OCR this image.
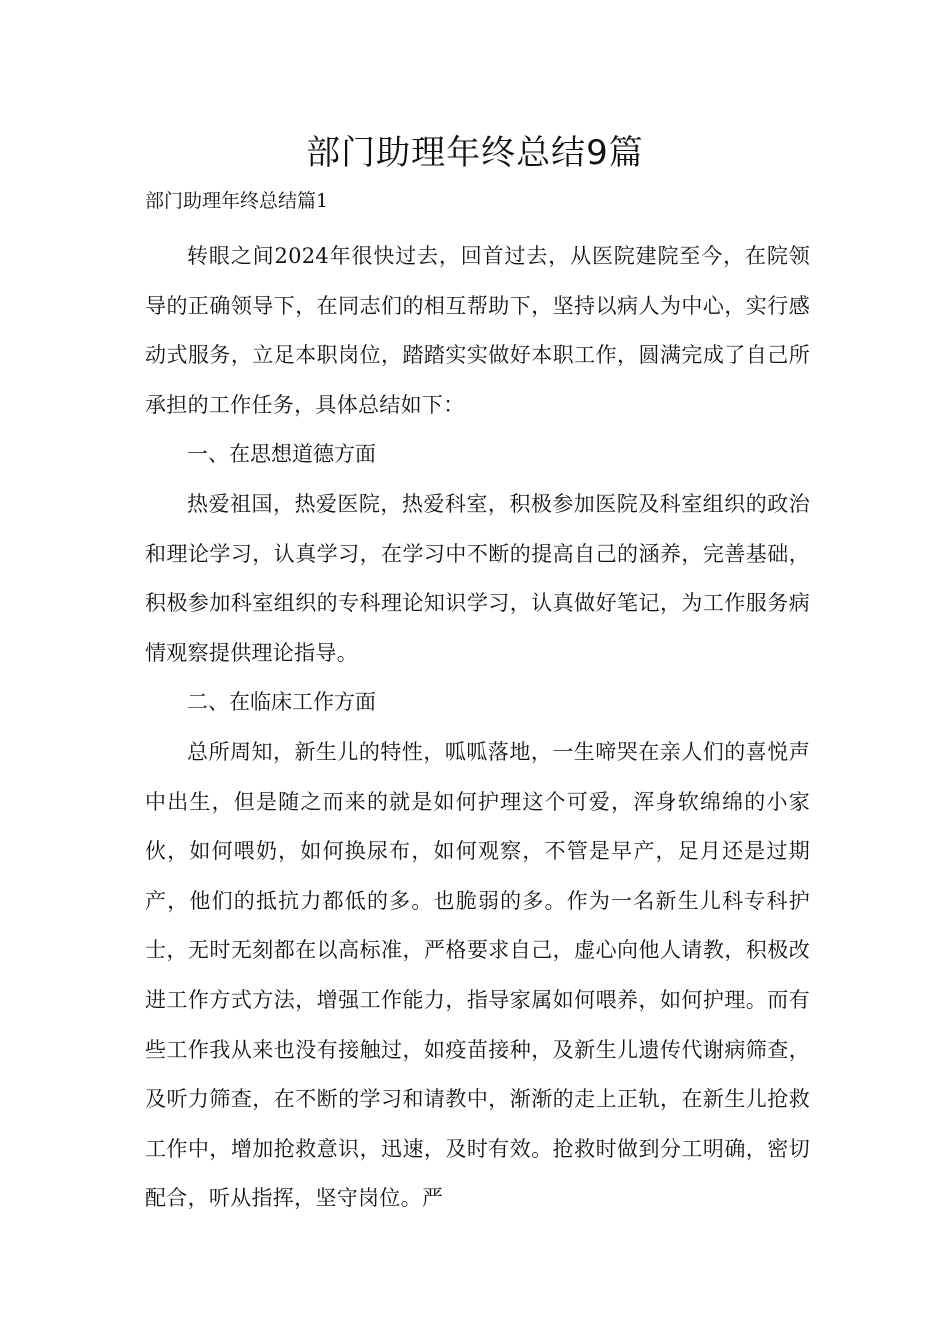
部门助理年终总结9篇
部门助理年终总结篇1

转眼之间2024年很快过去，回首过去，从医院建院至今，在院领导的正确领导下，在同志们的相互帮助下，坚持以病人为中心，实行感动式服务，立足本职岗位，踏踏实实做好本职工作，圆满完成了自己所承担的工作任务，具体总结如下：

一、在思想道德方面

热爱祖国，热爱医院，热爱科室，积极参加医院及科室组织的政治和理论学习，认真学习，在学习中不断的提高自己的涵养，完善基础，积极参加科室组织的专科理论知识学习，认真做好笔记，为工作服务病情观察提供理论指导。

二、在临床工作方面

总所周知，新生儿的特性，呱呱落地，一生啼哭在亲人们的喜悦声中出生，但是随之而来的就是如何护理这个可爱，浑身软绵绵的小家伙，如何喂奶，如何换尿布，如何观察，不管是早产，足月还是过期产，他们的抵抗力都低的多。也脆弱的多。作为一名新生儿科专科护士，无时无刻都在以高标准，严格要求自己，虚心向他人请教，积极改进工作方式方法，增强工作能力，指导家属如何喂养，如何护理。而有些工作我从来也没有接触过，如疫苗接种，及新生儿遗传代谢病筛查，及听力筛查，在不断的学习和请教中，渐渐的走上正轨，在新生儿抢救工作中，增加抢救意识，迅速，及时有效。抢救时做到分工明确，密切配合，听从指挥，坚守岗位。严
